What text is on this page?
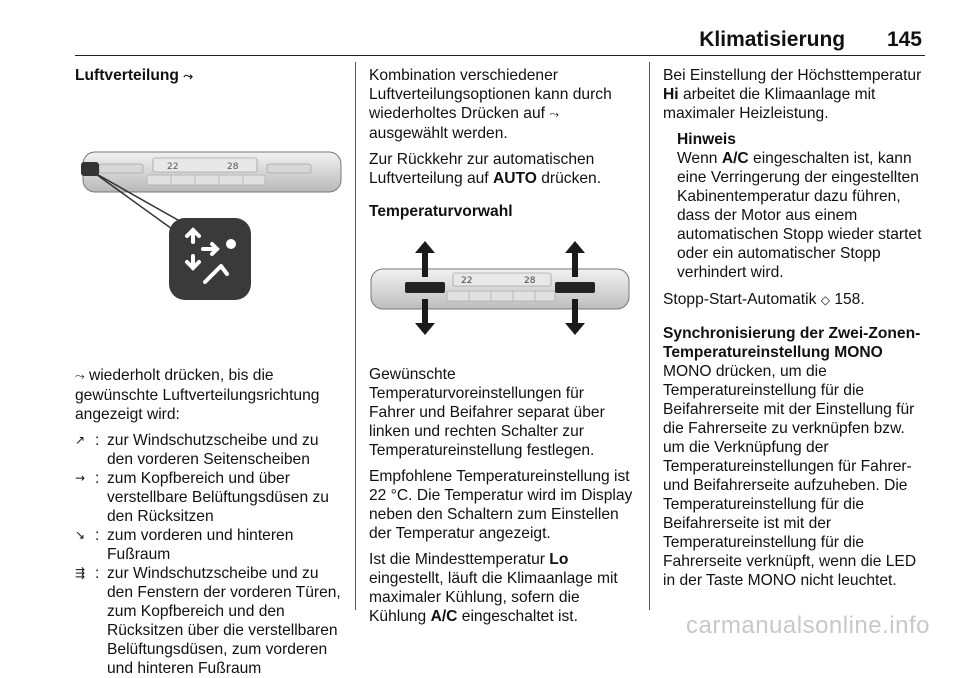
Klimatisierung 145
Luftverteilung ⤳
22	28

⤳ wiederholt drücken, bis die gewünschte Luftverteilungsrichtung angezeigt wird:

↗ : zur Windschutzscheibe und zu den vorderen Seitenscheiben
→ : zum Kopfbereich und über verstellbare Belüftungsdüsen zu den Rücksitzen
↘ : zum vorderen und hinteren Fußraum
⇶ : zur Windschutzscheibe und zu den Fenstern der vorderen Türen, zum Kopfbereich und den Rücksitzen über die verstellbaren Belüftungsdüsen, zum vorderen und hinteren Fußraum

Kombination verschiedener Luftverteilungsoptionen kann durch wiederholtes Drücken auf ⤳ ausgewählt werden.

Zur Rückkehr zur automatischen Luftverteilung auf AUTO drücken.

Temperaturvorwahl
22	28

Gewünschte Temperaturvoreinstellungen für Fahrer und Beifahrer separat über linken und rechten Schalter zur Temperatureinstellung festlegen.

Empfohlene Temperatureinstellung ist 22 °C. Die Temperatur wird im Display neben den Schaltern zum Einstellen der Temperatur angezeigt.

Ist die Mindesttemperatur Lo eingestellt, läuft die Klimaanlage mit maximaler Kühlung, sofern die Kühlung A/C eingeschaltet ist.

Bei Einstellung der Höchsttemperatur Hi arbeitet die Klimaanlage mit maximaler Heizleistung.

Hinweis
Wenn A/C eingeschalten ist, kann eine Verringerung der eingestellten Kabinentemperatur dazu führen, dass der Motor aus einem automatischen Stopp wieder startet oder ein automatischer Stopp verhindert wird.

Stopp-Start-Automatik ◇ 158.

Synchronisierung der Zwei-Zonen-Temperatureinstellung MONO

MONO drücken, um die Temperatureinstellung für die Beifahrerseite mit der Einstellung für die Fahrerseite zu verknüpfen bzw. um die Verknüpfung der Temperatureinstellungen für Fahrer- und Beifahrerseite aufzuheben. Die Temperatureinstellung für die Beifahrerseite ist mit der Temperatureinstellung für die Fahrerseite verknüpft, wenn die LED in der Taste MONO nicht leuchtet.

carmanualsonline.info
